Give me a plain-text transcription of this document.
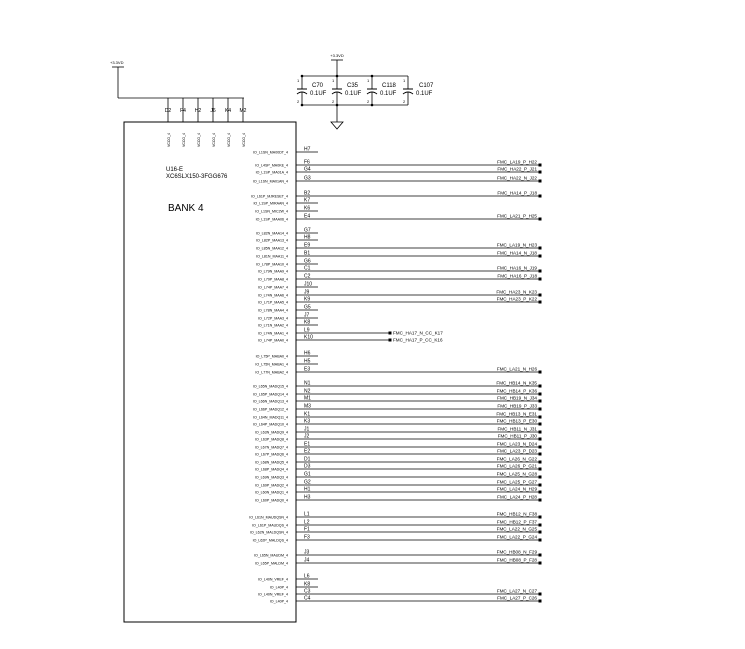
+3.3VD
D2
VCCO_4
F4
VCCO_4
H2
VCCO_4
J6
VCCO_4
K4
VCCO_4
M2
VCCO_4
+3.3VD
C70
0.1UF
1
2
C35
0.1UF
1
2
C118
0.1UF
1
2
C107
0.1UF
1
2
U16-E
XC6SLX150-3FGG676
BANK 4
IO_L1SN_MA00DT_4	H7
IO_L4SP_MA0KE_4	F6	FMC_LA19_P_H22
IO_L1SP_MA01A_4	G4	FMC_HA22_P_J21
IO_L1SN_MA01AN_4	G3	FMC_HA22_N_J22
IO_L61P_MJRESET_4	B2	FMC_HA14_P_J18
IO_L1SP_MIRAAN_4	K7
IO_L1SN_MIC2W_4	K6
IO_L1SP_MAA06_4	E4	FMC_LA21_P_H25
IO_L82N_MAA14_4	G7
IO_L82P_MAA13_4	H8
IO_L85N_MAA12_4	E9	FMC_LA19_N_H23
IO_L81N_MAA11_4	B1	FMC_HA14_N_J18
IO_L78P_MAA10_4	G6
IO_L79N_MAA9_4	C1	FMC_HA16_N_J19
IO_L79P_MAA8_4	C2	FMC_HA16_P_J18
IO_L74P_MAA7_4	J10
IO_L74N_MAA6_4	J9	FMC_HA23_N_K23
IO_L71P_MAA5_4	K9	FMC_HA23_P_K22
IO_L78N_MAA4_4	G5
IO_L72P_MAA3_4	J7
IO_L71N_MAA2_4	K8
IO_L74N_MAA1_4	L9	FMC_HA17_N_CC_K17
IO_L74P_MAA0_4	K10	FMC_HA17_P_CC_K16
IO_L75P_MABA0_4	H6
IO_L75N_MABA1_4	H5
IO_L77N_MABA2_4	E3	FMC_LA21_N_H26
IO_L65N_MADQ15_4	N1	FMC_HB14_N_K35
IO_L65P_MADQ14_4	N2	FMC_HB14_P_K36
IO_L66N_MADQ13_4	M1	FMC_HB19_N_J34
IO_L66P_MADQ12_4	M3	FMC_HB19_P_J33
IO_L64N_MADQ11_4	K1	FMC_HB13_N_E31
IO_L64P_MADQ10_4	K3	FMC_HB13_P_E30
IO_L63N_MADQ9_4	J1	FMC_HB11_N_J31
IO_L63P_MADQ8_4	J2	FMC_HB11_P_J30
IO_L67N_MADQ7_4	E1	FMC_LA23_N_D24
IO_L67P_MADQ6_4	E2	FMC_LA23_P_D23
IO_L68N_MADQ5_4	D1	FMC_LA26_N_G22
IO_L68P_MADQ4_4	D3	FMC_LA26_P_G21
IO_L69N_MADQ3_4	G1	FMC_LA25_N_G28
IO_L69P_MADQ2_4	G2	FMC_LA25_P_G27
IO_L60N_MADQ1_4	H1	FMC_LA24_N_H29
IO_L60P_MADQ0_4	H3	FMC_LA24_P_H28
IO_L61N_MAUDQSN_4	L1	FMC_HB12_N_F38
IO_L61P_MAUDQS_4	L2	FMC_HB12_P_F37
IO_L62N_MALDQSN_4	F1	FMC_LA22_N_G25
IO_L62P_MALDQS_4	F3	FMC_LA22_P_G24
IO_L65N_MAUDM_4	J3	FMC_HB08_N_F29
IO_L65P_MALDM_4	J4	FMC_HB08_P_F28
IO_L40N_VREF_4	L6
IO_L40P_4	K8
IO_L40N_VREF_4	C3	FMC_LA27_N_C27
IO_L40P_4	C4	FMC_LA27_P_C26
